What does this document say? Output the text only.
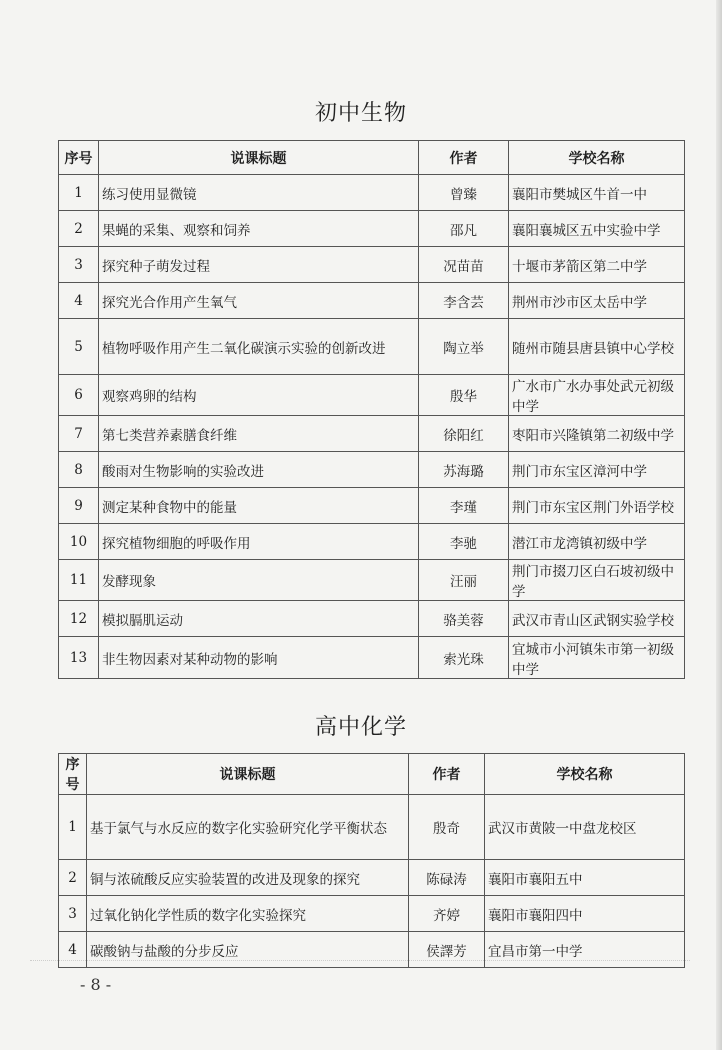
初中生物
序号	说课标题	作者	学校名称
1	练习使用显微镜	曾臻	襄阳市樊城区牛首一中
2	果蝇的采集、观察和饲养	邵凡	襄阳襄城区五中实验中学
3	探究种子萌发过程	况苗苗	十堰市茅箭区第二中学
4	探究光合作用产生氧气	李含芸	荆州市沙市区太岳中学
5	植物呼吸作用产生二氧化碳演示实验的创新改进	陶立举	随州市随县唐县镇中心学校
6	观察鸡卵的结构	殷华	广水市广水办事处武元初级中学
7	第七类营养素膳食纤维	徐阳红	枣阳市兴隆镇第二初级中学
8	酸雨对生物影响的实验改进	苏海璐	荆门市东宝区漳河中学
9	测定某种食物中的能量	李瑾	荆门市东宝区荆门外语学校
10	探究植物细胞的呼吸作用	李驰	潜江市龙湾镇初级中学
11	发酵现象	汪丽	荆门市掇刀区白石坡初级中学
12	模拟膈肌运动	骆美蓉	武汉市青山区武钢实验学校
13	非生物因素对某种动物的影响	索光珠	宜城市小河镇朱市第一初级中学
高中化学
序号	说课标题	作者	学校名称
1	基于氯气与水反应的数字化实验研究化学平衡状态	殷奇	武汉市黄陂一中盘龙校区
2	铜与浓硫酸反应实验装置的改进及现象的探究	陈碌涛	襄阳市襄阳五中
3	过氧化钠化学性质的数字化实验探究	齐婷	襄阳市襄阳四中
4	碳酸钠与盐酸的分步反应	侯譯芳	宜昌市第一中学
- 8 -
